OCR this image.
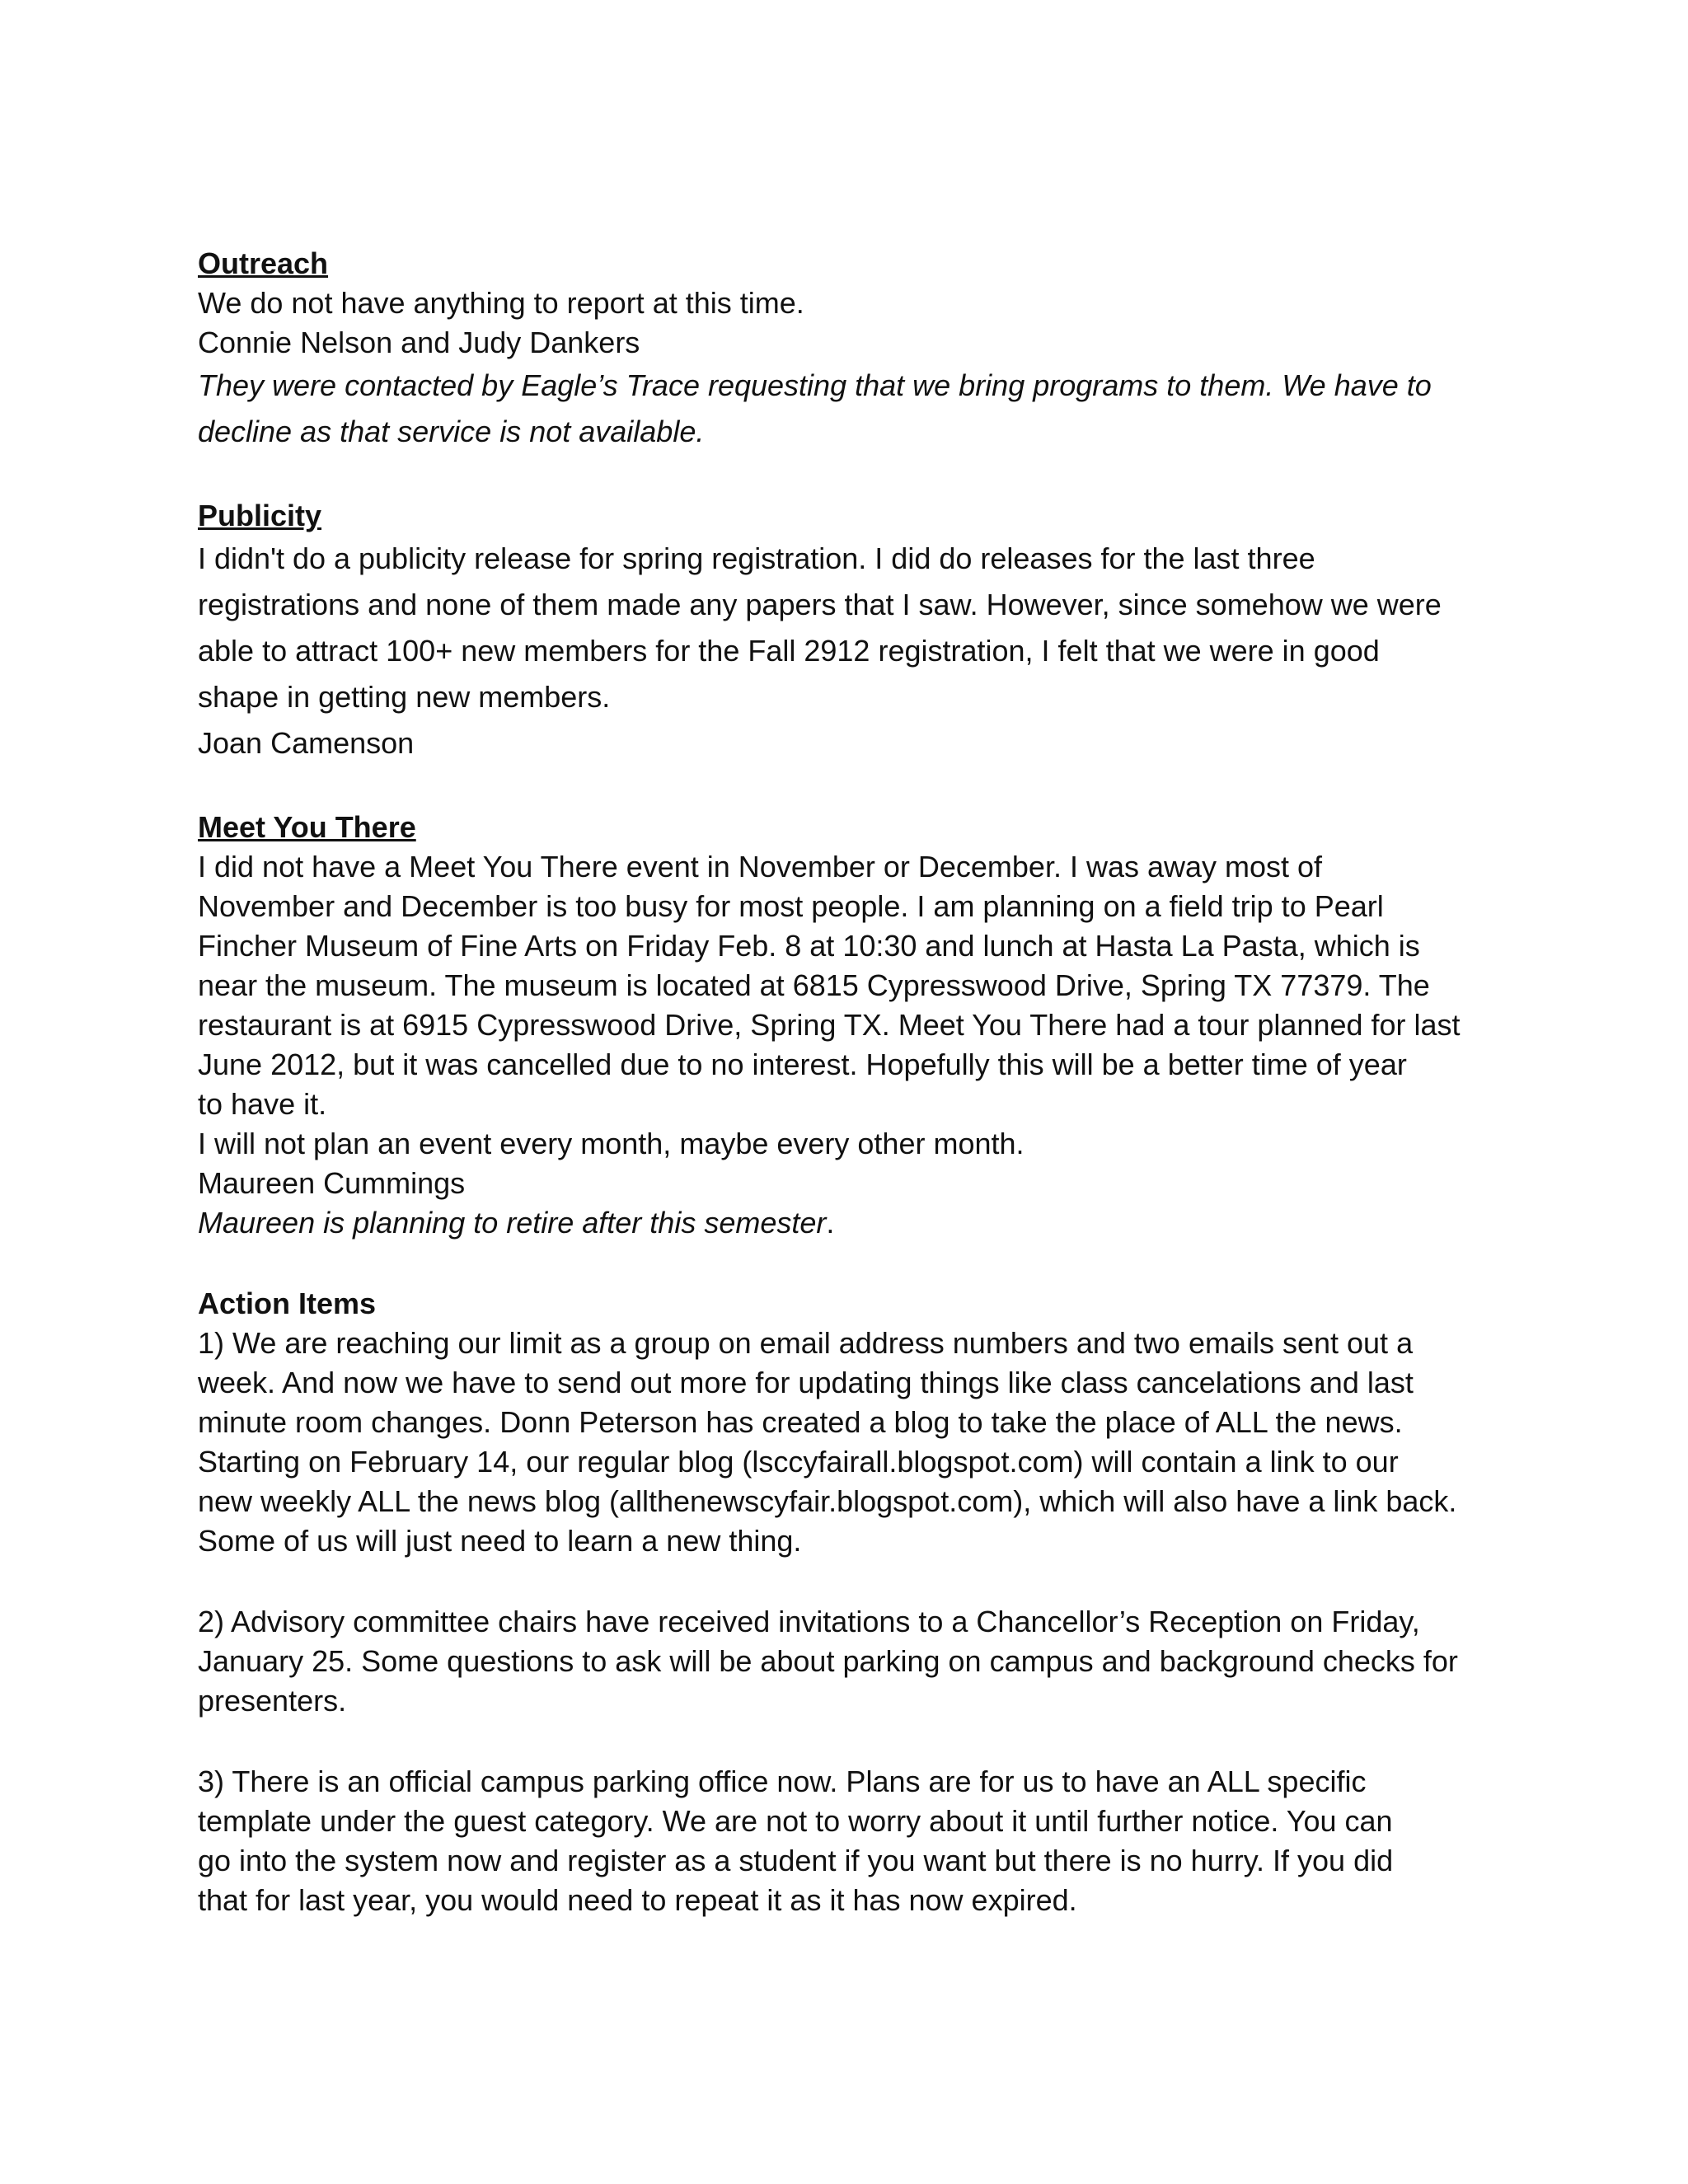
Outreach
We do not have anything to report at this time.
Connie Nelson and Judy Dankers
They were contacted by Eagle’s Trace requesting that we bring programs to them. We have to
decline as that service is not available.
Publicity
I didn't do a publicity release for spring registration. I did do releases for the last three
registrations and none of them made any papers that I saw. However, since somehow we were
able to attract 100+ new members for the Fall 2912 registration, I felt that we were in good
shape in getting new members.
Joan Camenson
Meet You There
I did not have a Meet You There event in November or December. I was away most of
November and December is too busy for most people. I am planning on a field trip to Pearl
Fincher Museum of Fine Arts on Friday Feb. 8 at 10:30 and lunch at Hasta La Pasta, which is
near the museum. The museum is located at 6815 Cypresswood Drive, Spring TX 77379. The
restaurant is at 6915 Cypresswood Drive, Spring TX. Meet You There had a tour planned for last
June 2012, but it was cancelled due to no interest. Hopefully this will be a better time of year
to have it.
I will not plan an event every month, maybe every other month.
Maureen Cummings
Maureen is planning to retire after this semester.
Action Items
1) We are reaching our limit as a group on email address numbers and two emails sent out a
week. And now we have to send out more for updating things like class cancelations and last
minute room changes. Donn Peterson has created a blog to take the place of ALL the news.
Starting on February 14, our regular blog (lsccyfairall.blogspot.com) will contain a link to our
new weekly ALL the news blog (allthenewscyfair.blogspot.com), which will also have a link back.
Some of us will just need to learn a new thing.
2) Advisory committee chairs have received invitations to a Chancellor’s Reception on Friday,
January 25. Some questions to ask will be about parking on campus and background checks for
presenters.
3) There is an official campus parking office now. Plans are for us to have an ALL specific
template under the guest category. We are not to worry about it until further notice. You can
go into the system now and register as a student if you want but there is no hurry. If you did
that for last year, you would need to repeat it as it has now expired.
